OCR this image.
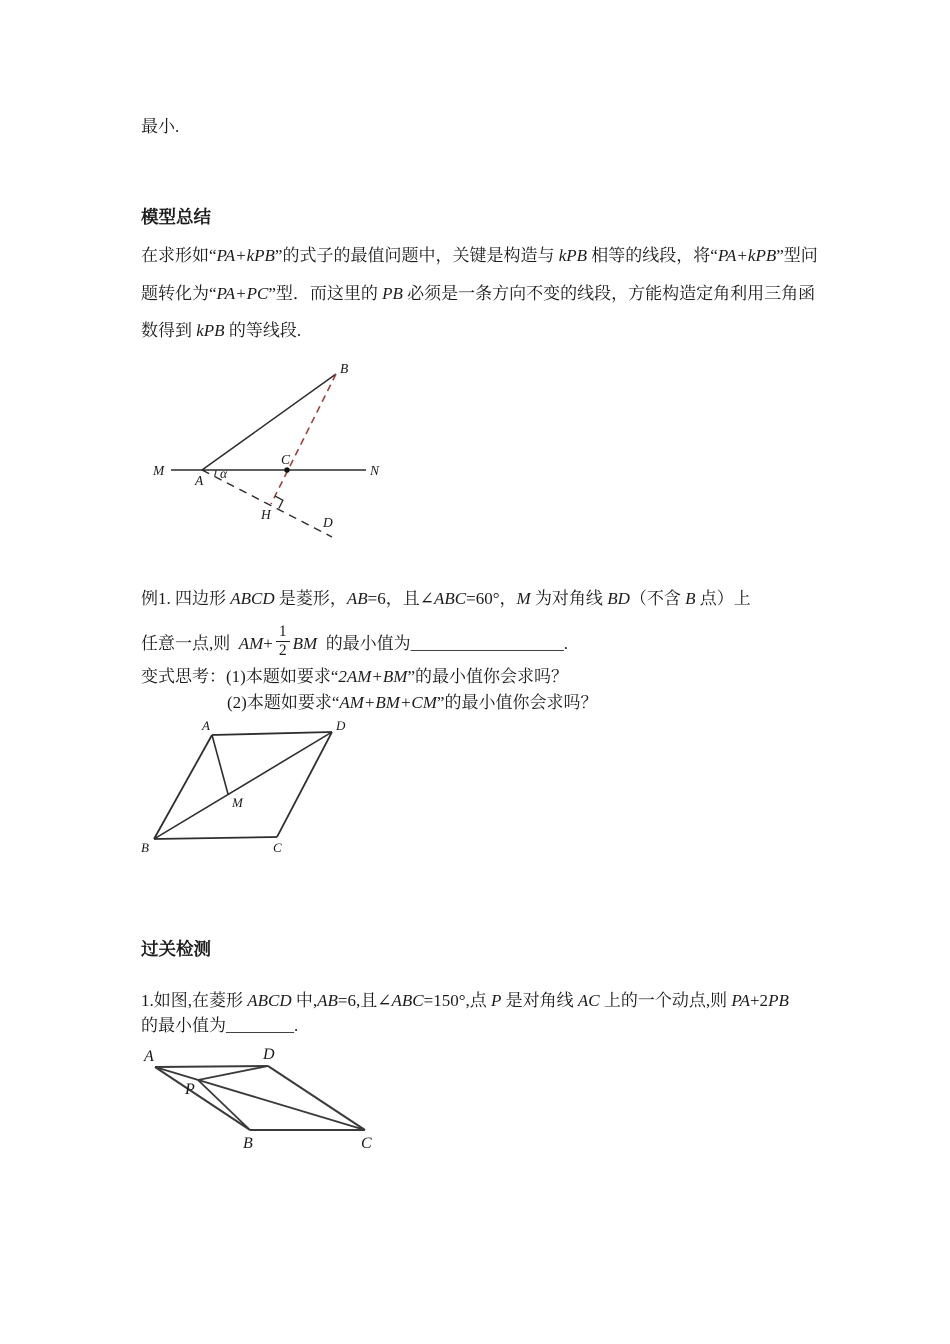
最小.
模型总结
在求形如“PA+kPB”的式子的最值问题中，关键是构造与 kPB 相等的线段，将“PA+kPB”型问
题转化为“PA+PC”型．而这里的 PB 必须是一条方向不变的线段，方能构造定角利用三角函
数得到 kPB 的等线段.
M	N
A
B
C
H
D
α
例1. 四边形 ABCD 是菱形，AB=6，且∠ABC=60°，M 为对角线 BD（不含 B 点）上
任意一点,则  $AM+ \frac{1}{2}$ BM  的最小值为__________________.
变式思考：(1)本题如要求“2AM+BM”的最小值你会求吗？
(2)本题如要求“AM+BM+CM”的最小值你会求吗？
A	D
B	C
M
过关检测
1.如图,在菱形 ABCD 中,AB=6,且∠ABC=150°,点 P 是对角线 AC 上的一个动点,则 PA+2PB
的最小值为________.
A	D
B	C
P
